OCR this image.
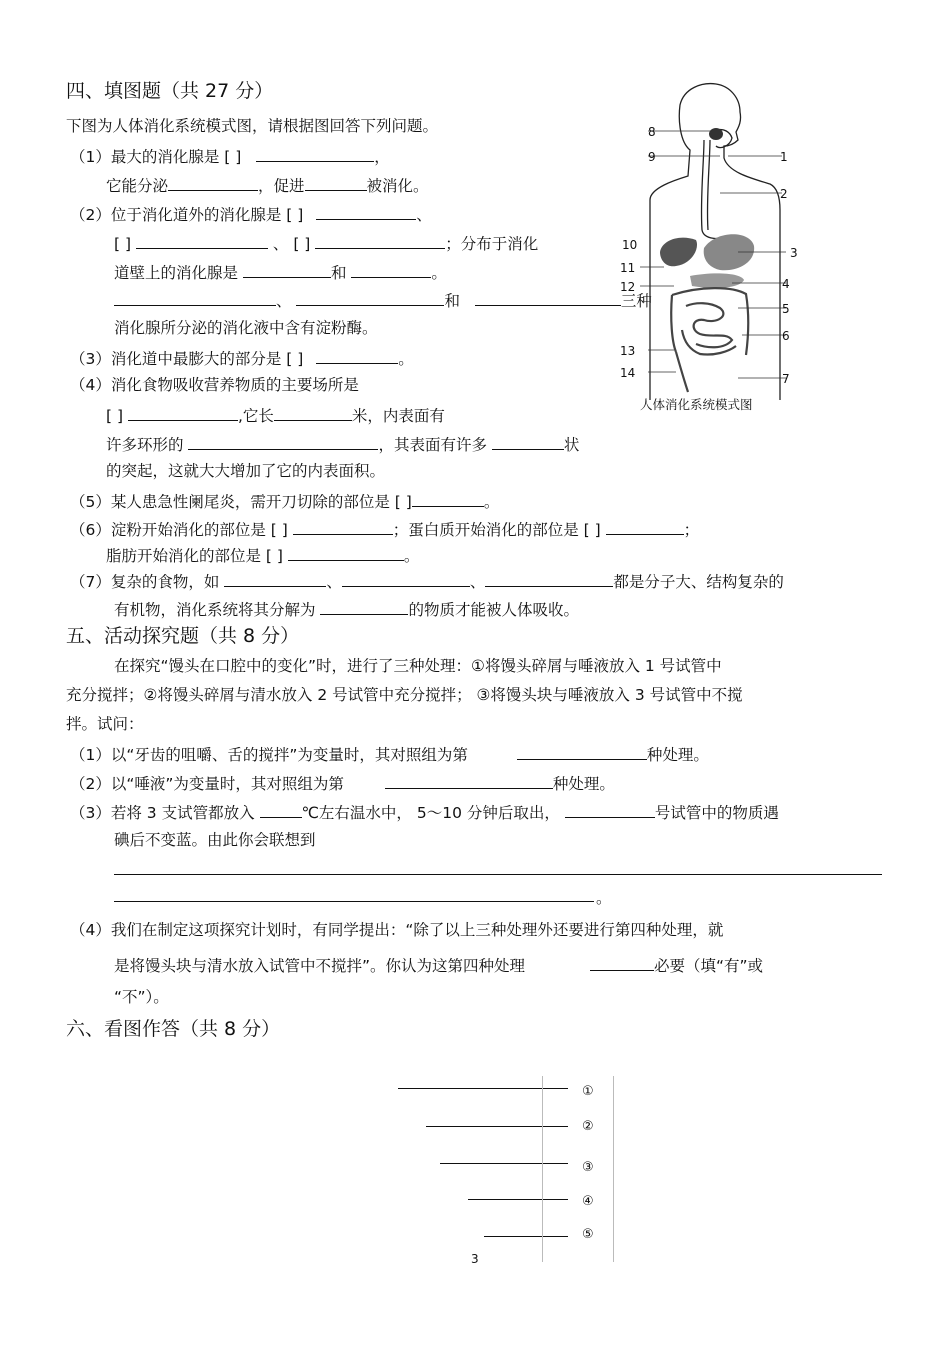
四、填图题（共 27 分）
下图为人体消化系统模式图，请根据图回答下列问题。
（1）最大的消化腺是 [ ]	，
它能分泌	，促进	被消化。
（2）位于消化道外的消化腺是 [ ]	、
[ ]	、 [ ]	；分布于消化
道壁上的消化腺是	和	。
、	和	三种
消化腺所分泌的消化液中含有淀粉酶。
（3）消化道中最膨大的部分是 [ ]	。
（4）消化食物吸收营养物质的主要场所是
[ ]	,它长	米，内表面有
许多环形的	，其表面有许多	状
的突起，这就大大增加了它的内表面积。
（5）某人患急性阑尾炎，需开刀切除的部位是 [ ]	。
（6）淀粉开始消化的部位是 [ ]	；蛋白质开始消化的部位是 [ ]	；
脂肪开始消化的部位是 [ ]	。
（7）复杂的食物，如	、	、	都是分子大、结构复杂的
有机物，消化系统将其分解为	的物质才能被人体吸收。
8
9	1
2
3
4
5
6
7
10
11
12
13
14
人体消化系统模式图
五、活动探究题（共 8 分）
在探究“馒头在口腔中的变化”时，进行了三种处理：①将馒头碎屑与唾液放入 1 号试管中
充分搅拌；②将馒头碎屑与清水放入 2 号试管中充分搅拌； ③将馒头块与唾液放入 3 号试管中不搅
拌。试问：
（1）以“牙齿的咀嚼、舌的搅拌”为变量时，其对照组为第	种处理。
（2）以“唾液”为变量时，其对照组为第	种处理。
（3）若将 3 支试管都放入	℃左右温水中， 5～10 分钟后取出，	号试管中的物质遇
碘后不变蓝。由此你会联想到
。
（4）我们在制定这项探究计划时，有同学提出：“除了以上三种处理外还要进行第四种处理，就
是将馒头块与清水放入试管中不搅拌”。你认为这第四种处理	必要（填“有”或
“不”）。
六、看图作答（共 8 分）
①
②
③
④
⑤
3
